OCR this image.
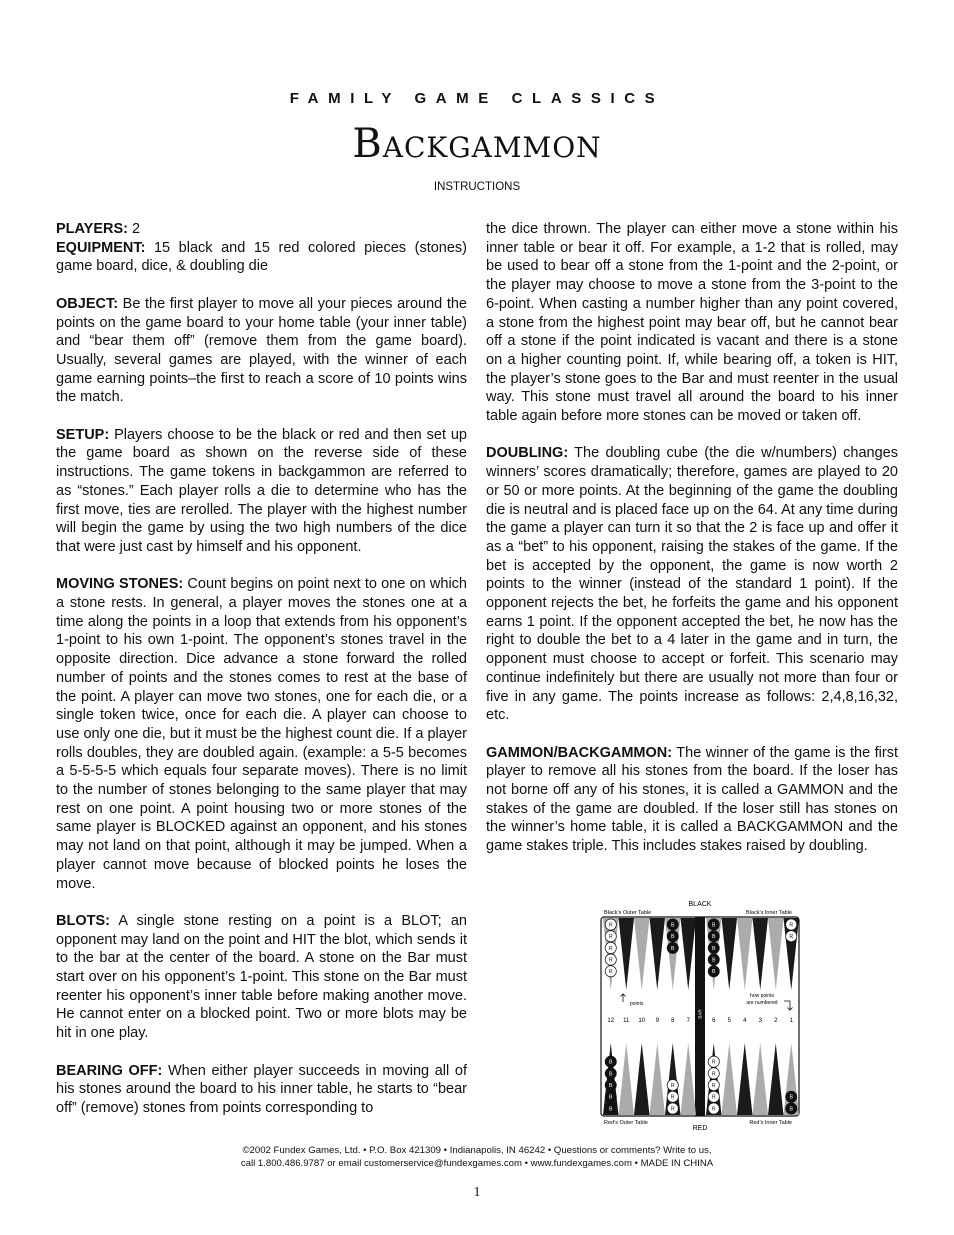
FAMILY GAME CLASSICS
Backgammon
INSTRUCTIONS

PLAYERS: 2

EQUIPMENT: 15 black and 15 red colored pieces (stones) game board, dice, & doubling die

OBJECT: Be the first player to move all your pieces around the points on the game board to your home table (your inner table) and “bear them off” (remove them from the game board). Usually, several games are played, with the winner of each game earning points–the first to reach a score of 10 points wins the match.

SETUP: Players choose to be the black or red and then set up the game board as shown on the reverse side of these instructions. The game tokens in backgammon are referred to as “stones.” Each player rolls a die to determine who has the first move, ties are rerolled. The player with the highest number will begin the game by using the two high numbers of the dice that were just cast by himself and his opponent.

MOVING STONES: Count begins on point next to one on which a stone rests. In general, a player moves the stones one at a time along the points in a loop that extends from his opponent’s 1-point to his own 1-point. The opponent’s stones travel in the opposite direction. Dice advance a stone forward the rolled number of points and the stones comes to rest at the base of the point. A player can move two stones, one for each die, or a single token twice, once for each die. A player can choose to use only one die, but it must be the highest count die. If a player rolls doubles, they are doubled again. (example: a 5-5 becomes a 5-5-5-5 which equals four separate moves). There is no limit to the number of stones belonging to the same player that may rest on one point. A point housing two or more stones of the same player is BLOCKED against an opponent, and his stones may not land on that point, although it may be jumped. When a player cannot move because of blocked points he loses the move.

BLOTS: A single stone resting on a point is a BLOT; an opponent may land on the point and HIT the blot, which sends it to the bar at the center of the board. A stone on the Bar must start over on his opponent’s 1-point. This stone on the Bar must reenter his opponent’s inner table before making another move. He cannot enter on a blocked point. Two or more blots may be hit in one play.

BEARING OFF: When either player succeeds in moving all of his stones around the board to his inner table, he starts to “bear off” (remove) stones from points corresponding to

the dice thrown. The player can either move a stone within his inner table or bear it off. For example, a 1-2 that is rolled, may be used to bear off a stone from the 1-point and the 2-point, or the player may choose to move a stone from the 3-point to the 6-point. When casting a number higher than any point covered, a stone from the highest point may bear off, but he cannot bear off a stone if the point indicated is vacant and there is a stone on a higher counting point. If, while bearing off, a token is HIT, the player’s stone goes to the Bar and must reenter in the usual way. This stone must travel all around the board to his inner table again before more stones can be moved or taken off.

DOUBLING: The doubling cube (the die w/numbers) changes winners’ scores dramatically; therefore, games are played to 20 or 50 or more points. At the beginning of the game the doubling die is neutral and is placed face up on the 64. At any time during the game a player can turn it so that the 2 is face up and offer it as a “bet” to his opponent, raising the stakes of the game. If the bet is accepted by the opponent, the game is now worth 2 points to the winner (instead of the standard 1 point). If the opponent rejects the bet, he forfeits the game and his opponent earns 1 point. If the opponent accepted the bet, he now has the right to double the bet to a 4 later in the game and in turn, the opponent must choose to accept or forfeit. This scenario may continue indefinitely but there are usually not more than four or five in any game. The points increase as follows: 2,4,8,16,32, etc.

GAMMON/BACKGAMMON: The winner of the game is the first player to remove all his stones from the board. If the loser has not borne off any of his stones, it is called a GAMMON and the stakes of the game are doubled. If the loser still has stones on the winner’s home table, it is called a BACKGAMMON and the game stakes triple. This includes stakes raised by doubling.

BLACK
Black’s Outer Table	Black’s Inner Table
BAR
R
R
R
R
R
B
B
B
B
B
B
B
B
R
R
B
B
B
B
B
R
R
R
R
R
R
R
R
B
B
points
how points
are numbered
12 11 10 9 8 7	6 5 4 3 2 1
Red’s Outer Table	Red’s Inner Table
RED
©2002 Fundex Games, Ltd. • P.O. Box 421309 • Indianapolis, IN 46242 • Questions or comments? Write to us,
call 1.800.486.9787 or email customerservice@fundexgames.com • www.fundexgames.com • MADE IN CHINA
1
